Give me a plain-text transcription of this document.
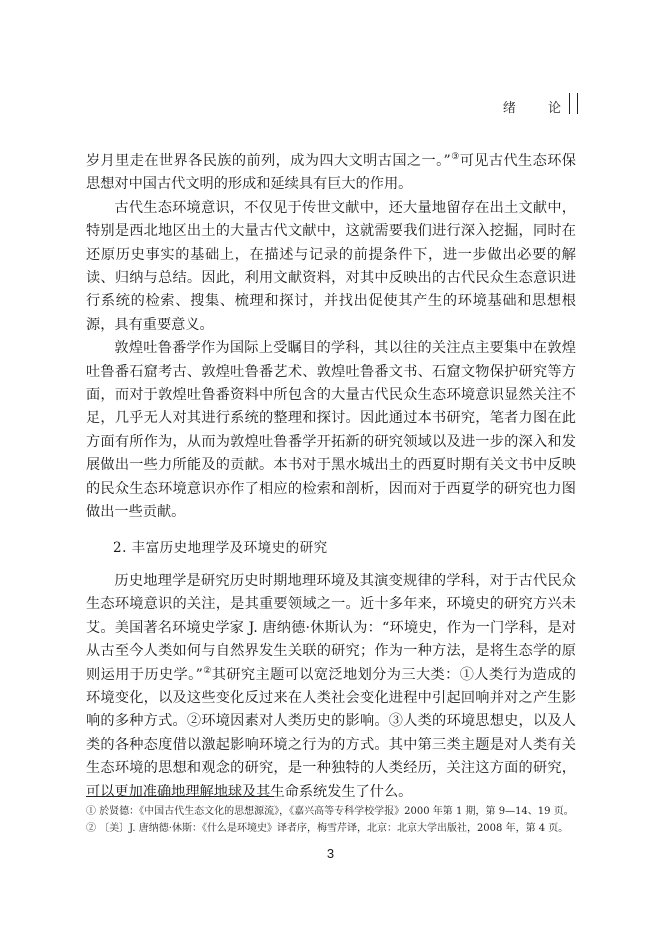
绪 论

岁月里走在世界各民族的前列，成为四大文明古国之一。”③可见古代生态环保思想对中国古代文明的形成和延续具有巨大的作用。

古代生态环境意识，不仅见于传世文献中，还大量地留存在出土文献中，特别是西北地区出土的大量古代文献中，这就需要我们进行深入挖掘，同时在还原历史事实的基础上，在描述与记录的前提条件下，进一步做出必要的解读、归纳与总结。因此，利用文献资料，对其中反映出的古代民众生态意识进行系统的检索、搜集、梳理和探讨，并找出促使其产生的环境基础和思想根源，具有重要意义。

敦煌吐鲁番学作为国际上受瞩目的学科，其以往的关注点主要集中在敦煌吐鲁番石窟考古、敦煌吐鲁番艺术、敦煌吐鲁番文书、石窟文物保护研究等方面，而对于敦煌吐鲁番资料中所包含的大量古代民众生态环境意识显然关注不足，几乎无人对其进行系统的整理和探讨。因此通过本书研究，笔者力图在此方面有所作为，从而为敦煌吐鲁番学开拓新的研究领域以及进一步的深入和发展做出一些力所能及的贡献。本书对于黑水城出土的西夏时期有关文书中反映的民众生态环境意识亦作了相应的检索和剖析，因而对于西夏学的研究也力图做出一些贡献。

2. 丰富历史地理学及环境史的研究

历史地理学是研究历史时期地理环境及其演变规律的学科，对于古代民众生态环境意识的关注，是其重要领域之一。近十多年来，环境史的研究方兴未艾。美国著名环境史学家 J. 唐纳德·休斯认为：“环境史，作为一门学科，是对从古至今人类如何与自然界发生关联的研究；作为一种方法，是将生态学的原则运用于历史学。”②其研究主题可以宽泛地划分为三大类：①人类行为造成的环境变化，以及这些变化反过来在人类社会变化进程中引起回响并对之产生影响的多种方式。②环境因素对人类历史的影响。③人类的环境思想史，以及人类的各种态度借以激起影响环境之行为的方式。其中第三类主题是对人类有关生态环境的思想和观念的研究，是一种独特的人类经历，关注这方面的研究，可以更加准确地理解地球及其生命系统发生了什么。

① 於贤德：《中国古代生态文化的思想源流》，《嘉兴高等专科学校学报》2000 年第 1 期，第 9—14、19 页。
② 〔美〕J. 唐纳德·休斯：《什么是环境史》译者序，梅雪芹译，北京：北京大学出版社，2008 年，第 4 页。
3
